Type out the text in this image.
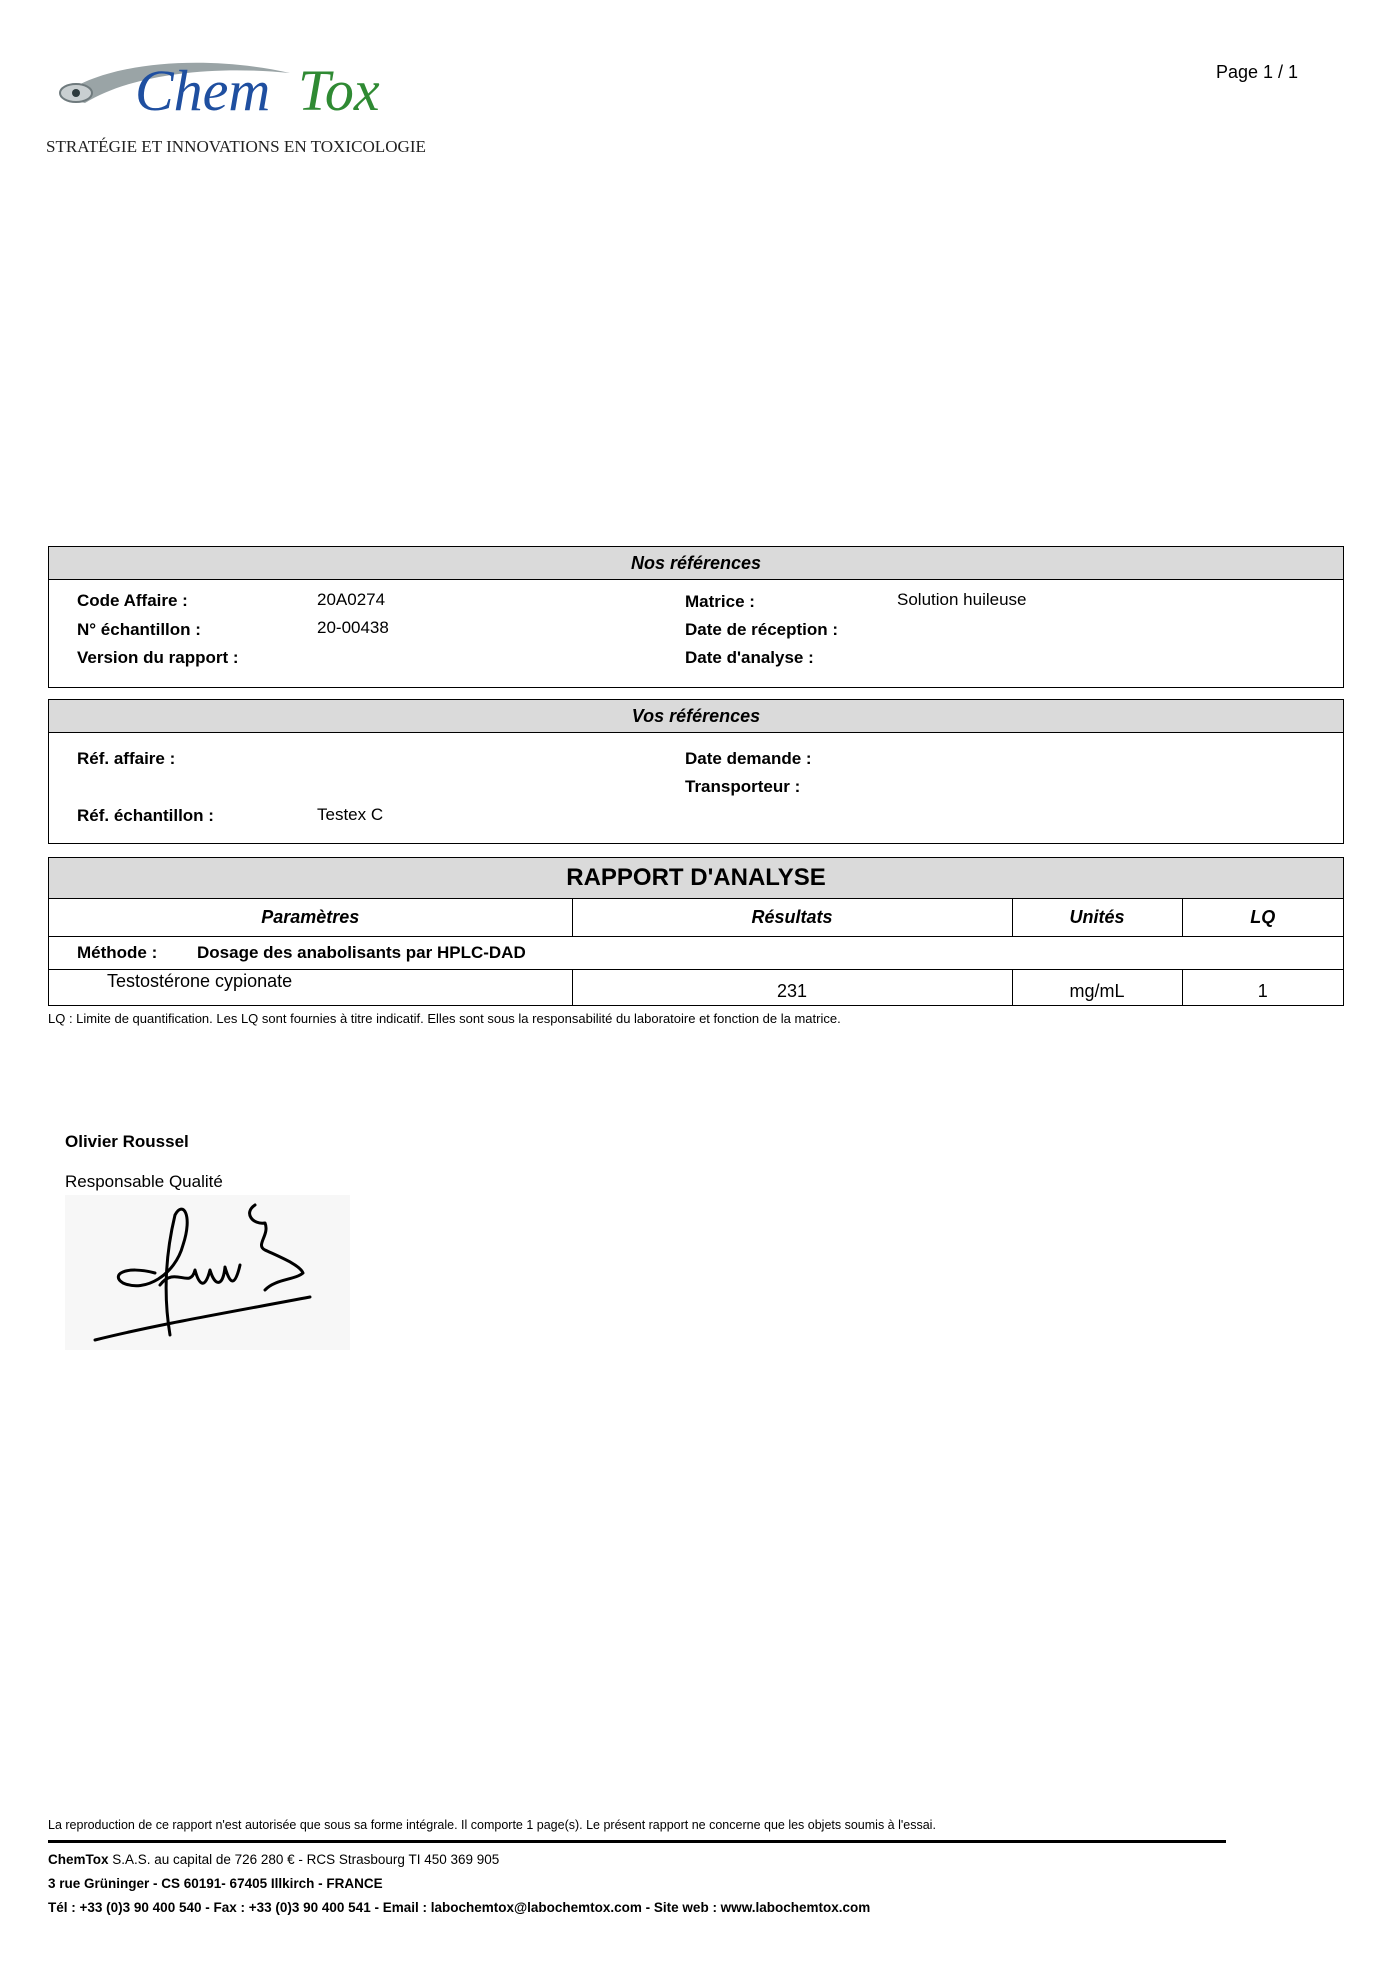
Chem Tox
STRATÉGIE ET INNOVATIONS EN TOXICOLOGIE
Page 1 / 1
Nos références
Code Affaire :	20A0274
N° échantillon :	20-00438
Version du rapport :
Matrice :	Solution huileuse
Date de réception :
Date d'analyse :
Vos références
Réf. affaire :	Date demande :
Transporteur :
Réf. échantillon :	Testex C
RAPPORT D'ANALYSE
Paramètres	Résultats	Unités	LQ
Méthode : Dosage des anabolisants par HPLC-DAD			
Testostérone cypionate	231	mg/mL	1
LQ : Limite de quantification. Les LQ sont fournies à titre indicatif. Elles sont sous la responsabilité du laboratoire et fonction de la matrice.
Olivier Roussel
Responsable Qualité
La reproduction de ce rapport n'est autorisée que sous sa forme intégrale. Il comporte 1 page(s). Le présent rapport ne concerne que les objets soumis à l'essai.
ChemTox S.A.S. au capital de 726 280 € - RCS Strasbourg TI 450 369 905
3 rue Grüninger - CS 60191- 67405 Illkirch - FRANCE
Tél : +33 (0)3 90 400 540 - Fax : +33 (0)3 90 400 541 - Email : labochemtox@labochemtox.com - Site web : www.labochemtox.com
